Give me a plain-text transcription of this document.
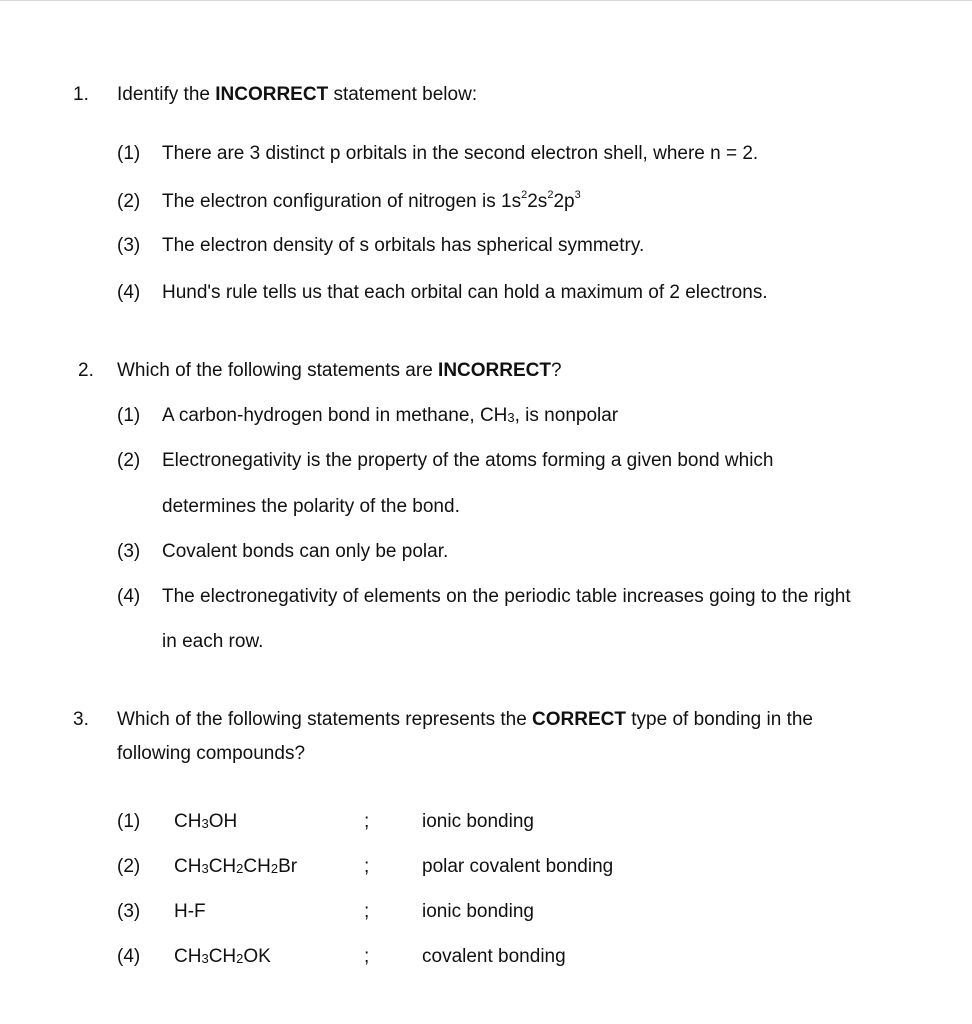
1. Identify the INCORRECT statement below:
(1) There are 3 distinct p orbitals in the second electron shell, where n = 2.
(2) The electron configuration of nitrogen is $1s^22s^22p^3$
(3) The electron density of s orbitals has spherical symmetry.
(4) Hund's rule tells us that each orbital can hold a maximum of 2 electrons.
2. Which of the following statements are INCORRECT?
(1) A carbon-hydrogen bond in methane, $CH_3$, is nonpolar
(2) Electronegativity is the property of the atoms forming a given bond which
determines the polarity of the bond.
(3) Covalent bonds can only be polar.
(4) The electronegativity of elements on the periodic table increases going to the right
in each row.
3. Which of the following statements represents the CORRECT type of bonding in the
following compounds?
(1) $CH_3OH$	;	ionic bonding
(2) $CH_3CH_2CH_2Br$	;	polar covalent bonding
(3) H-F	;	ionic bonding
(4) $CH_3CH_2OK$	;	covalent bonding
